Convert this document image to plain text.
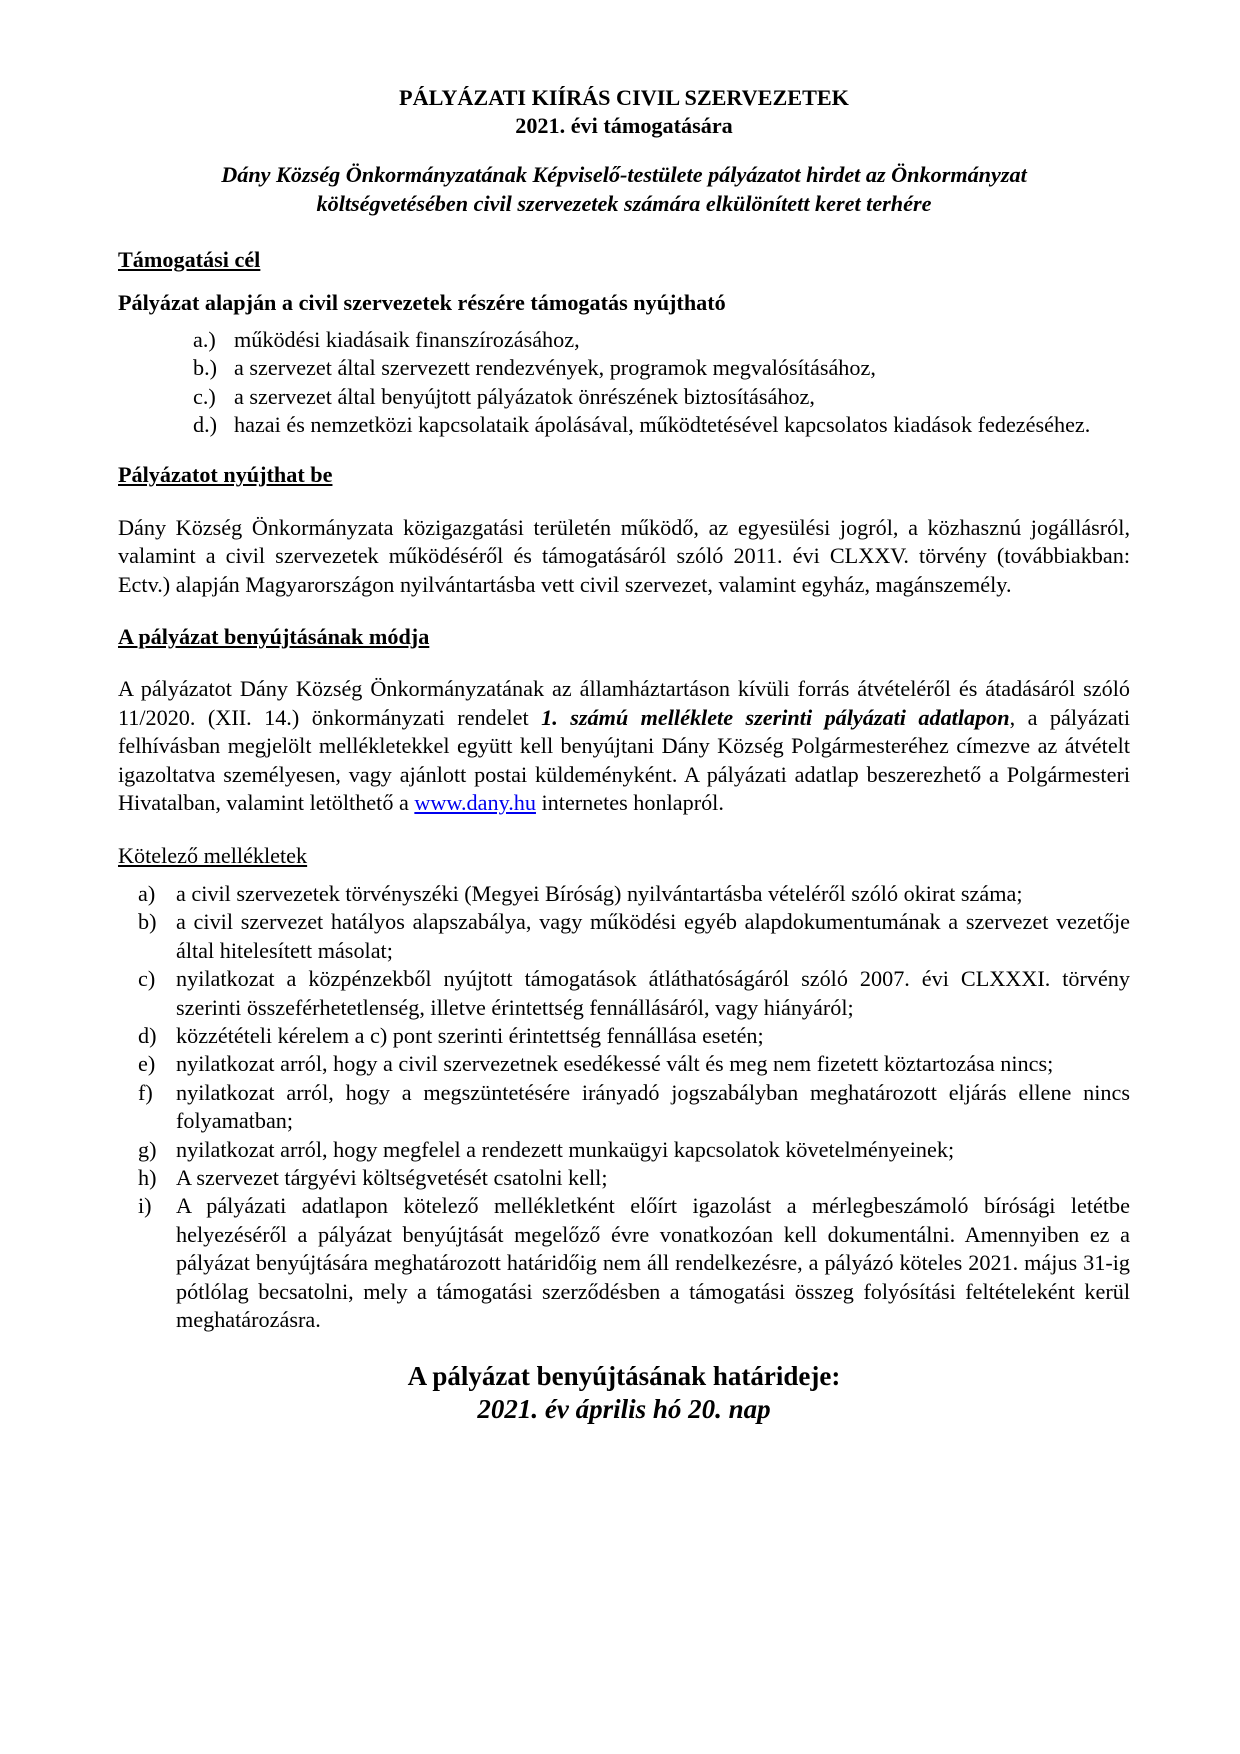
PÁLYÁZATI KIÍRÁS CIVIL SZERVEZETEK
2021. évi támogatására
Dány Község Önkormányzatának Képviselő-testülete pályázatot hirdet az Önkormányzat
költségvetésében civil szervezetek számára elkülönített keret terhére

Támogatási cél

Pályázat alapján a civil szervezetek részére támogatás nyújtható

a.) működési kiadásaik finanszírozásához,
b.) a szervezet által szervezett rendezvények, programok megvalósításához,
c.) a szervezet által benyújtott pályázatok önrészének biztosításához,
d.) hazai és nemzetközi kapcsolataik ápolásával, működtetésével kapcsolatos kiadások fedezéséhez.

Pályázatot nyújthat be

Dány Község Önkormányzata közigazgatási területén működő, az egyesülési jogról, a közhasznú jogállásról, valamint a civil szervezetek működéséről és támogatásáról szóló 2011. évi CLXXV. törvény (továbbiakban: Ectv.) alapján Magyarországon nyilvántartásba vett civil szervezet, valamint egyház, magánszemély.

A pályázat benyújtásának módja

A pályázatot Dány Község Önkormányzatának az államháztartáson kívüli forrás átvételéről és átadásáról szóló 11/2020. (XII. 14.) önkormányzati rendelet 1. számú melléklete szerinti pályázati adatlapon, a pályázati felhívásban megjelölt mellékletekkel együtt kell benyújtani Dány Község Polgármesteréhez címezve az átvételt igazoltatva személyesen, vagy ajánlott postai küldeményként. A pályázati adatlap beszerezhető a Polgármesteri Hivatalban, valamint letölthető a www.dany.hu internetes honlapról.

Kötelező mellékletek

a) a civil szervezetek törvényszéki (Megyei Bíróság) nyilvántartásba vételéről szóló okirat száma;
b) a civil szervezet hatályos alapszabálya, vagy működési egyéb alapdokumentumának a szervezet vezetője által hitelesített másolat;
c) nyilatkozat a közpénzekből nyújtott támogatások átláthatóságáról szóló 2007. évi CLXXXI. törvény szerinti összeférhetetlenség, illetve érintettség fennállásáról, vagy hiányáról;
d) közzétételi kérelem a c) pont szerinti érintettség fennállása esetén;
e) nyilatkozat arról, hogy a civil szervezetnek esedékessé vált és meg nem fizetett köztartozása nincs;
f)	nyilatkozat arról, hogy a megszüntetésére irányadó jogszabályban meghatározott eljárás ellene nincs folyamatban;
g) nyilatkozat arról, hogy megfelel a rendezett munkaügyi kapcsolatok követelményeinek;
h) A szervezet tárgyévi költségvetését csatolni kell;
i)	A pályázati adatlapon kötelező mellékletként előírt igazolást a mérlegbeszámoló bírósági letétbe helyezéséről a pályázat benyújtását megelőző évre vonatkozóan kell dokumentálni. Amennyiben ez a pályázat benyújtására meghatározott határidőig nem áll rendelkezésre, a pályázó köteles 2021. május 31-ig pótlólag becsatolni, mely a támogatási szerződésben a támogatási összeg folyósítási feltételeként kerül meghatározásra.
A pályázat benyújtásának határideje:
2021. év április hó 20. nap
